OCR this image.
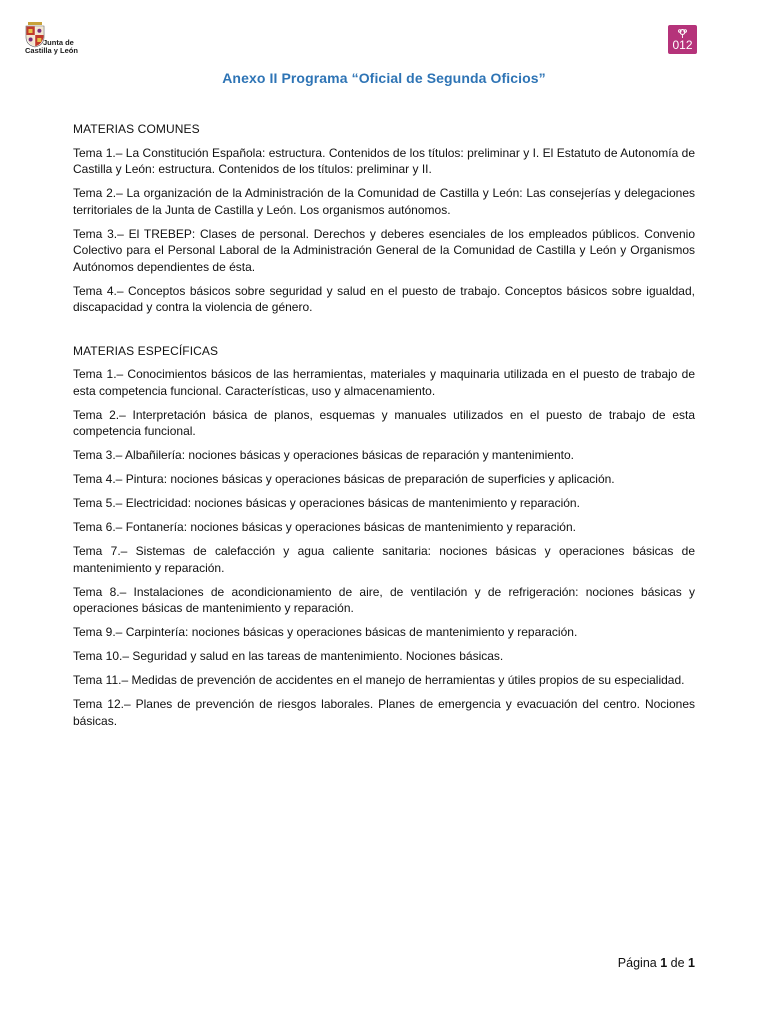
Junta de
Castilla y León	012
Anexo II Programa “Oficial de Segunda Oficios”
MATERIAS COMUNES

Tema 1.– La Constitución Española: estructura. Contenidos de los títulos: preliminar y I. El Estatuto de Autonomía de Castilla y León: estructura. Contenidos de los títulos: preliminar y II.

Tema 2.– La organización de la Administración de la Comunidad de Castilla y León: Las consejerías y delegaciones territoriales de la Junta de Castilla y León. Los organismos autónomos.

Tema 3.– El TREBEP: Clases de personal. Derechos y deberes esenciales de los empleados públicos. Convenio Colectivo para el Personal Laboral de la Administración General de la Comunidad de Castilla y León y Organismos Autónomos dependientes de ésta.

Tema 4.– Conceptos básicos sobre seguridad y salud en el puesto de trabajo. Conceptos básicos sobre igualdad, discapacidad y contra la violencia de género.

MATERIAS ESPECÍFICAS

Tema 1.– Conocimientos básicos de las herramientas, materiales y maquinaria utilizada en el puesto de trabajo de esta competencia funcional. Características, uso y almacenamiento.

Tema 2.– Interpretación básica de planos, esquemas y manuales utilizados en el puesto de trabajo de esta competencia funcional.

Tema 3.– Albañilería: nociones básicas y operaciones básicas de reparación y mantenimiento.

Tema 4.– Pintura: nociones básicas y operaciones básicas de preparación de superficies y aplicación.

Tema 5.– Electricidad: nociones básicas y operaciones básicas de mantenimiento y reparación.

Tema 6.– Fontanería: nociones básicas y operaciones básicas de mantenimiento y reparación.

Tema 7.– Sistemas de calefacción y agua caliente sanitaria: nociones básicas y operaciones básicas de mantenimiento y reparación.

Tema 8.– Instalaciones de acondicionamiento de aire, de ventilación y de refrigeración: nociones básicas y operaciones básicas de mantenimiento y reparación.

Tema 9.– Carpintería: nociones básicas y operaciones básicas de mantenimiento y reparación.

Tema 10.– Seguridad y salud en las tareas de mantenimiento. Nociones básicas.

Tema 11.– Medidas de prevención de accidentes en el manejo de herramientas y útiles propios de su especialidad.

Tema 12.– Planes de prevención de riesgos laborales. Planes de emergencia y evacuación del centro. Nociones básicas.

Página 1 de 1
